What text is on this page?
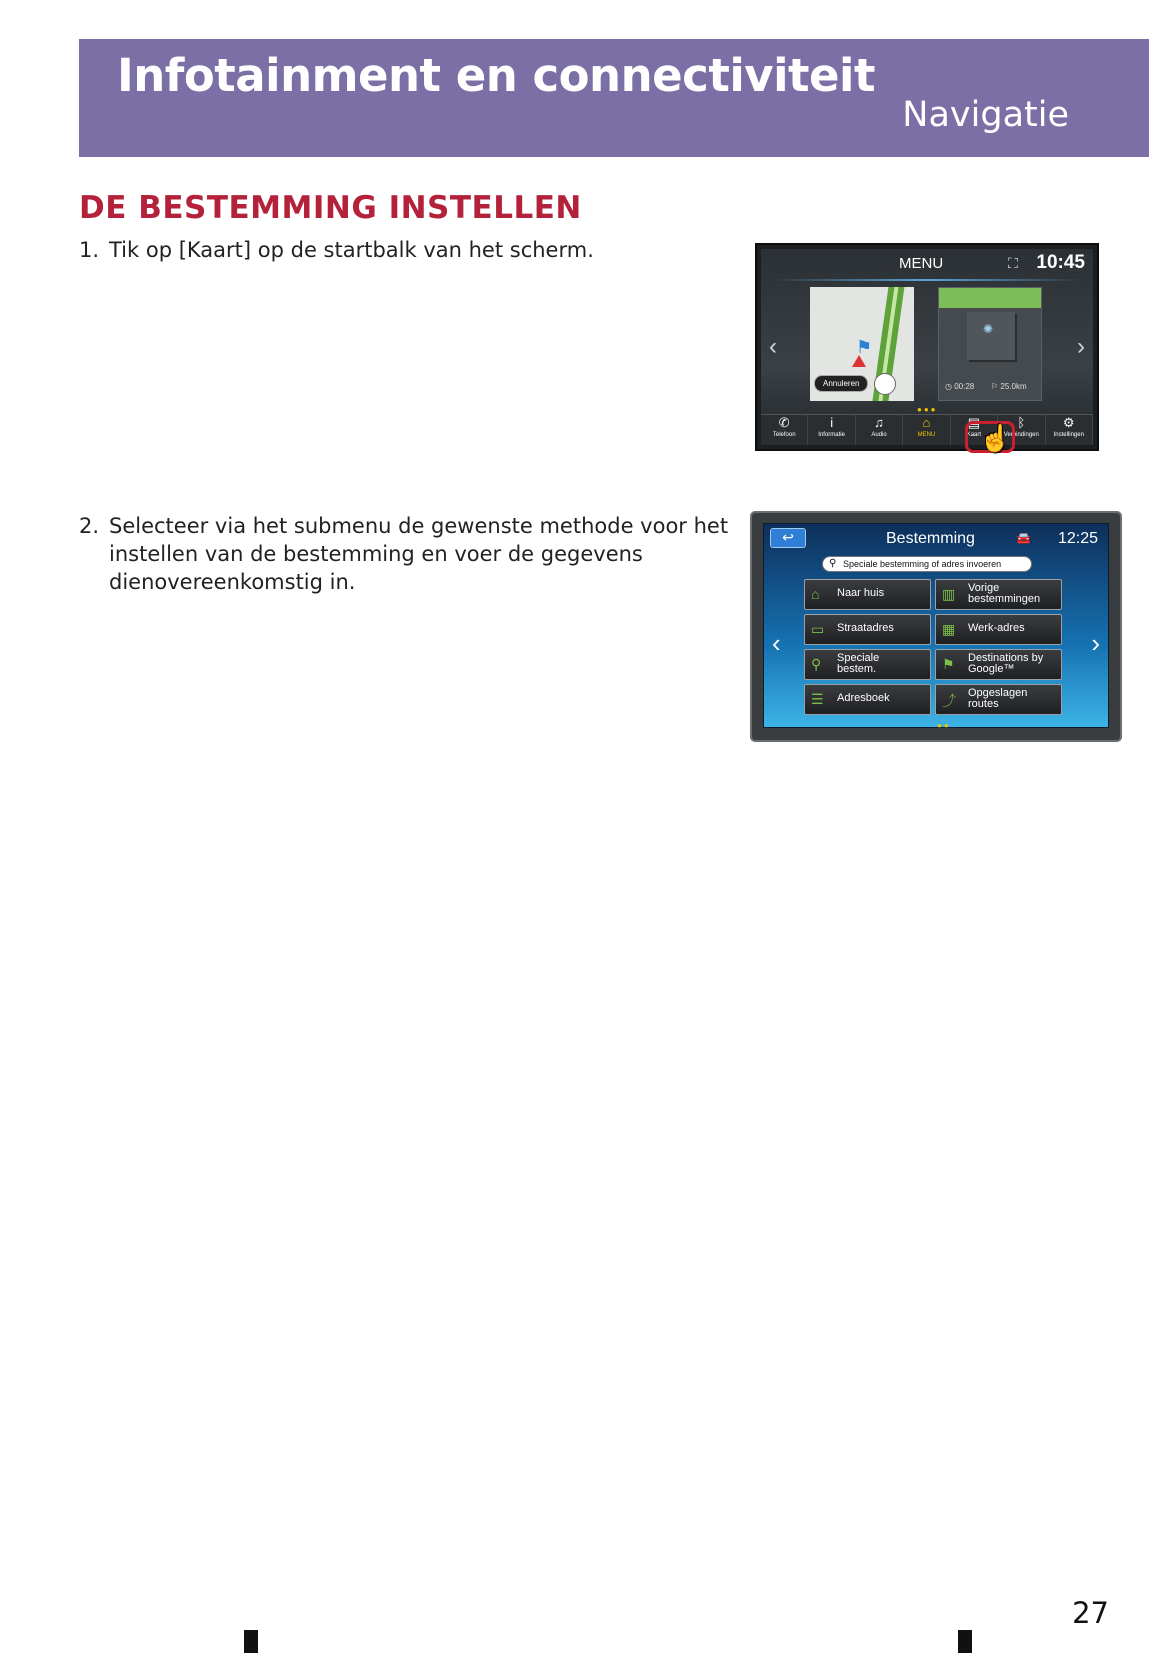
Infotainment en connectiviteit
Navigatie
DE BESTEMMING INSTELLEN
1. Tik op [Kaart] op de startbalk van het scherm.
2. Selecteer via het submenu de gewenste methode voor het instellen van de bestemming en voer de gegevens dienovereenkomstig in.
MENU	⛶ 10:45
⚑
Annuleren
✺
◷ 00:28 ⚐ 25.0km
‹	›
●●●
✆
Telefoon
i
Informatie
♫
Audio
⌂
MENU
▤
Kaart
ᛒ
Verbindingen
⚙
Instellingen
☝
↩	Bestemming	🚘 12:25
⚲ Speciale bestemming of adres invoeren
‹	›
⌂ Naar huis	▥ Vorige bestemmingen
▭ Straatadres	▦ Werk-adres
⚲ Speciale bestem.	⚑ Destinations by Google™
☰ Adresboek	⤴ Opgeslagen routes
●●
27
